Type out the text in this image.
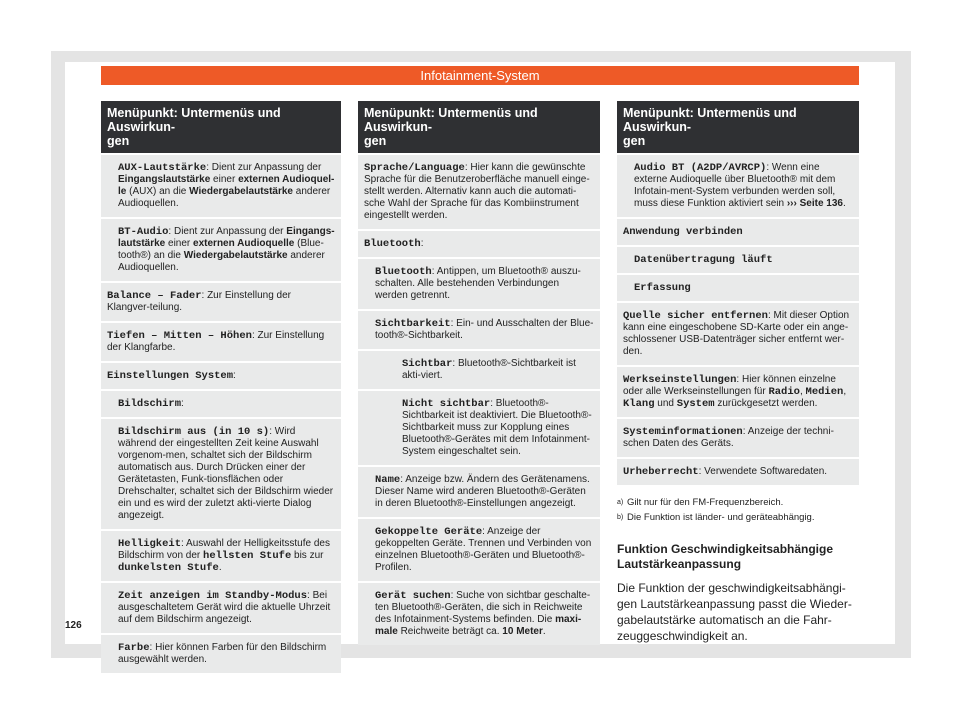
Infotainment-System
Menüpunkt: Untermenüs und Auswirkun-
gen
AUX-Lautstärke: Dient zur Anpassung der Eingangslautstärke einer externen Audioquel-le (AUX) an die Wiedergabelautstärke anderer Audioquellen.
BT-Audio: Dient zur Anpassung der Eingangs-lautstärke einer externen Audioquelle (Blue-tooth®) an die Wiedergabelautstärke anderer Audioquellen.
Balance – Fader: Zur Einstellung der Klangver-teilung.
Tiefen – Mitten – Höhen: Zur Einstellung der Klangfarbe.
Einstellungen System:
Bildschirm:
Bildschirm aus (in 10 s): Wird während der eingestellten Zeit keine Auswahl vorgenom-men, schaltet sich der Bildschirm automatisch aus. Durch Drücken einer der Gerätetasten, Funk-tionsflächen oder Drehschalter, schaltet sich der Bildschirm wieder ein und es wird der zuletzt akti-vierte Dialog angezeigt.
Helligkeit: Auswahl der Helligkeitsstufe des Bildschirm von der hellsten Stufe bis zur dunkelsten Stufe.
Zeit anzeigen im Standby-Modus: Bei ausgeschaltetem Gerät wird die aktuelle Uhrzeit auf dem Bildschirm angezeigt.
Farbe: Hier können Farben für den Bildschirm ausgewählt werden.
Menüpunkt: Untermenüs und Auswirkun-
gen
Sprache/Language: Hier kann die gewünschte Sprache für die Benutzeroberfläche manuell einge-stellt werden. Alternativ kann auch die automati-sche Wahl der Sprache für das Kombiinstrument eingestellt werden.
Bluetooth:
Bluetooth: Antippen, um Bluetooth® auszu-schalten. Alle bestehenden Verbindungen werden getrennt.
Sichtbarkeit: Ein- und Ausschalten der Blue-tooth®-Sichtbarkeit.
Sichtbar: Bluetooth®-Sichtbarkeit ist akti-viert.
Nicht sichtbar: Bluetooth®-Sichtbarkeit ist deaktiviert. Die Bluetooth®-Sichtbarkeit muss zur Kopplung eines Bluetooth®-Gerätes mit dem Infotainment-System eingeschaltet sein.
Name: Anzeige bzw. Ändern des Gerätenamens. Dieser Name wird anderen Bluetooth®-Geräten in deren Bluetooth®-Einstellungen angezeigt.
Gekoppelte Geräte: Anzeige der gekoppelten Geräte. Trennen und Verbinden von einzelnen Bluetooth®-Geräten und Bluetooth®-Profilen.
Gerät suchen: Suche von sichtbar geschalte-ten Bluetooth®-Geräten, die sich in Reichweite des Infotainment-Systems befinden. Die maxi-male Reichweite beträgt ca. 10 Meter.
Menüpunkt: Untermenüs und Auswirkun-
gen
Audio BT (A2DP/AVRCP): Wenn eine externe Audioquelle über Bluetooth® mit dem Infotain-ment-System verbunden werden soll, muss diese Funktion aktiviert sein ››› Seite 136.
Anwendung verbinden
Datenübertragung läuft
Erfassung
Quelle sicher entfernen: Mit dieser Option kann eine eingeschobene SD-Karte oder ein ange-schlossener USB-Datenträger sicher entfernt wer-den.
Werkseinstellungen: Hier können einzelne oder alle Werkseinstellungen für Radio, Medien, Klang und System zurückgesetzt werden.
Systeminformationen: Anzeige der techni-schen Daten des Geräts.
Urheberrecht: Verwendete Softwaredaten.
a) Gilt nur für den FM-Frequenzbereich.
b) Die Funktion ist länder- und geräteabhängig.
Funktion Geschwindigkeitsabhängige Lautstärkeanpassung
Die Funktion der geschwindigkeitsabhängi-gen Lautstärkeanpassung passt die Wieder-gabelautstärke automatisch an die Fahr-zeuggeschwindigkeit an.
126
